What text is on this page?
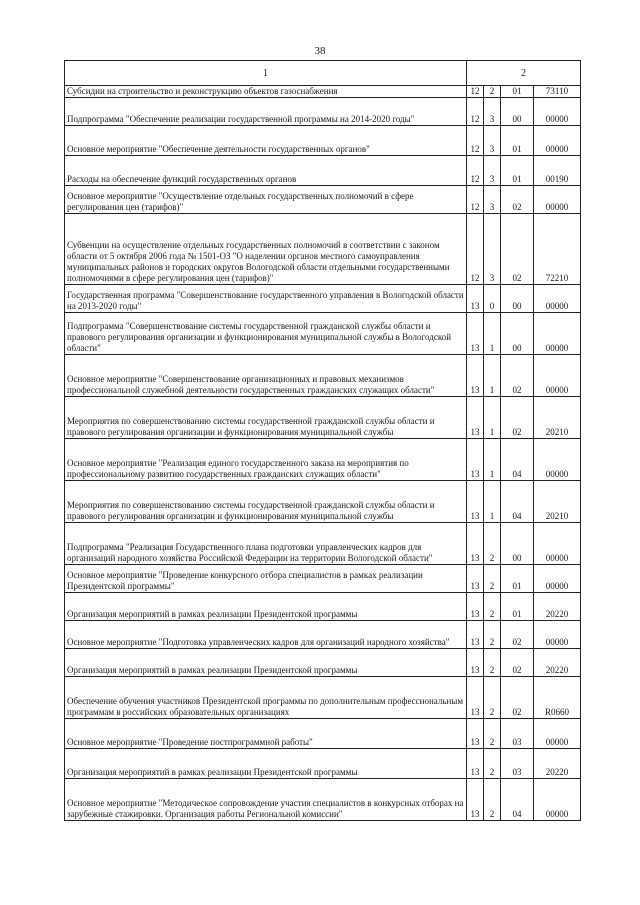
38
1	2			
Субсидии на строительство и реконструкцию объектов газоснабжения	12	2	01	73110
Подпрограмма "Обеспечение реализации государственной программы на 2014-2020 годы"	12	3	00	00000
Основное мероприятие "Обеспечение деятельности государственных органов"	12	3	01	00000
Расходы на обеспечение функций государственных органов	12	3	01	00190
Основное мероприятие "Осуществление отдельных государственных полномочий в сфере регулирования цен (тарифов)"	12	3	02	00000
Субвенции на осуществление отдельных государственных полномочий в соответствии с законом области от 5 октября 2006 года № 1501-ОЗ "О наделении органов местного самоуправления муниципальных районов и городских округов Вологодской области отдельными государственными полномочиями в сфере регулирования цен (тарифов)"	12	3	02	72210
Государственная программа "Совершенствование государственного управления в Вологодской области на 2013-2020 годы"	13	0	00	00000
Подпрограмма "Совершенствование системы государственной гражданской службы области и правового регулирования организации и функционирования муниципальной службы в Вологодской области"	13	1	00	00000
Основное мероприятие "Совершенствование организационных и правовых механизмов профессиональной служебной деятельности государственных гражданских служащих области"	13	1	02	00000
Мероприятия по совершенствованию системы государственной гражданской службы области и правового регулирования организации и функционирования муниципальной службы	13	1	02	20210
Основное мероприятие "Реализация единого государственного заказа на мероприятия по профессиональному развитию государственных гражданских служащих области"	13	1	04	00000
Мероприятия по совершенствованию системы государственной гражданской службы области и правового регулирования организации и функционирования муниципальной службы	13	1	04	20210
Подпрограмма "Реализация Государственного плана подготовки управленческих кадров для организаций народного хозяйства Российской Федерации на территории Вологодской области"	13	2	00	00000
Основное мероприятие "Проведение конкурсного отбора специалистов в рамках реализации Президентской программы"	13	2	01	00000
Организация мероприятий в рамках реализации Президентской программы	13	2	01	20220
Основное мероприятие "Подготовка управленческих кадров для организаций народного хозяйства"	13	2	02	00000
Организация мероприятий в рамках реализации Президентской программы	13	2	02	20220
Обеспечение обучения участников Президентской программы по дополнительным профессиональным программам в российских образовательных организациях	13	2	02	R0660
Основное мероприятие "Проведение постпрограммной работы"	13	2	03	00000
Организация мероприятий в рамках реализации Президентской программы	13	2	03	20220
Основное мероприятие "Методическое сопровождение участия специалистов в конкурсных отборах на зарубежные стажировки. Организация работы Региональной комиссии"	13	2	04	00000
